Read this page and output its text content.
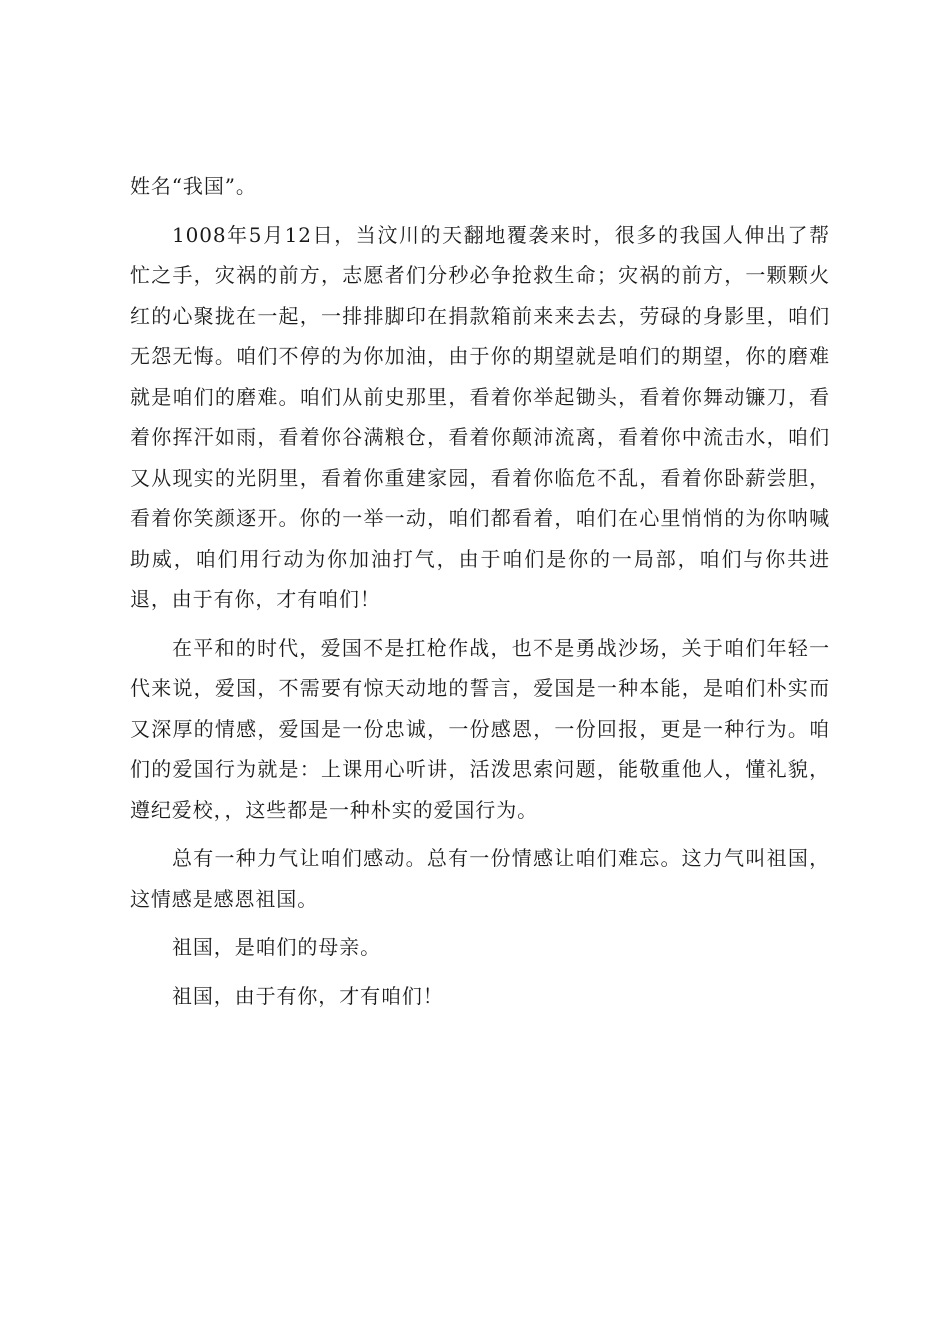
姓名“我国”。

1008年5月12日，当汶川的天翻地覆袭来时，很多的我国人伸出了帮忙之手，灾祸的前方，志愿者们分秒必争抢救生命；灾祸的前方，一颗颗火红的心聚拢在一起，一排排脚印在捐款箱前来来去去，劳碌的身影里，咱们无怨无悔。咱们不停的为你加油，由于你的期望就是咱们的期望，你的磨难就是咱们的磨难。咱们从前史那里，看着你举起锄头，看着你舞动镰刀，看着你挥汗如雨，看着你谷满粮仓，看着你颠沛流离，看着你中流击水，咱们又从现实的光阴里，看着你重建家园，看着你临危不乱，看着你卧薪尝胆，看着你笑颜逐开。你的一举一动，咱们都看着，咱们在心里悄悄的为你呐喊助威，咱们用行动为你加油打气，由于咱们是你的一局部，咱们与你共进退，由于有你，才有咱们！

在平和的时代，爱国不是扛枪作战，也不是勇战沙场，关于咱们年轻一代来说，爱国，不需要有惊天动地的誓言，爱国是一种本能，是咱们朴实而又深厚的情感，爱国是一份忠诚，一份感恩，一份回报，更是一种行为。咱们的爱国行为就是：上课用心听讲，活泼思索问题，能敬重他人，懂礼貌，遵纪爱校，，这些都是一种朴实的爱国行为。

总有一种力气让咱们感动。总有一份情感让咱们难忘。这力气叫祖国，这情感是感恩祖国。

祖国，是咱们的母亲。

祖国，由于有你，才有咱们！
